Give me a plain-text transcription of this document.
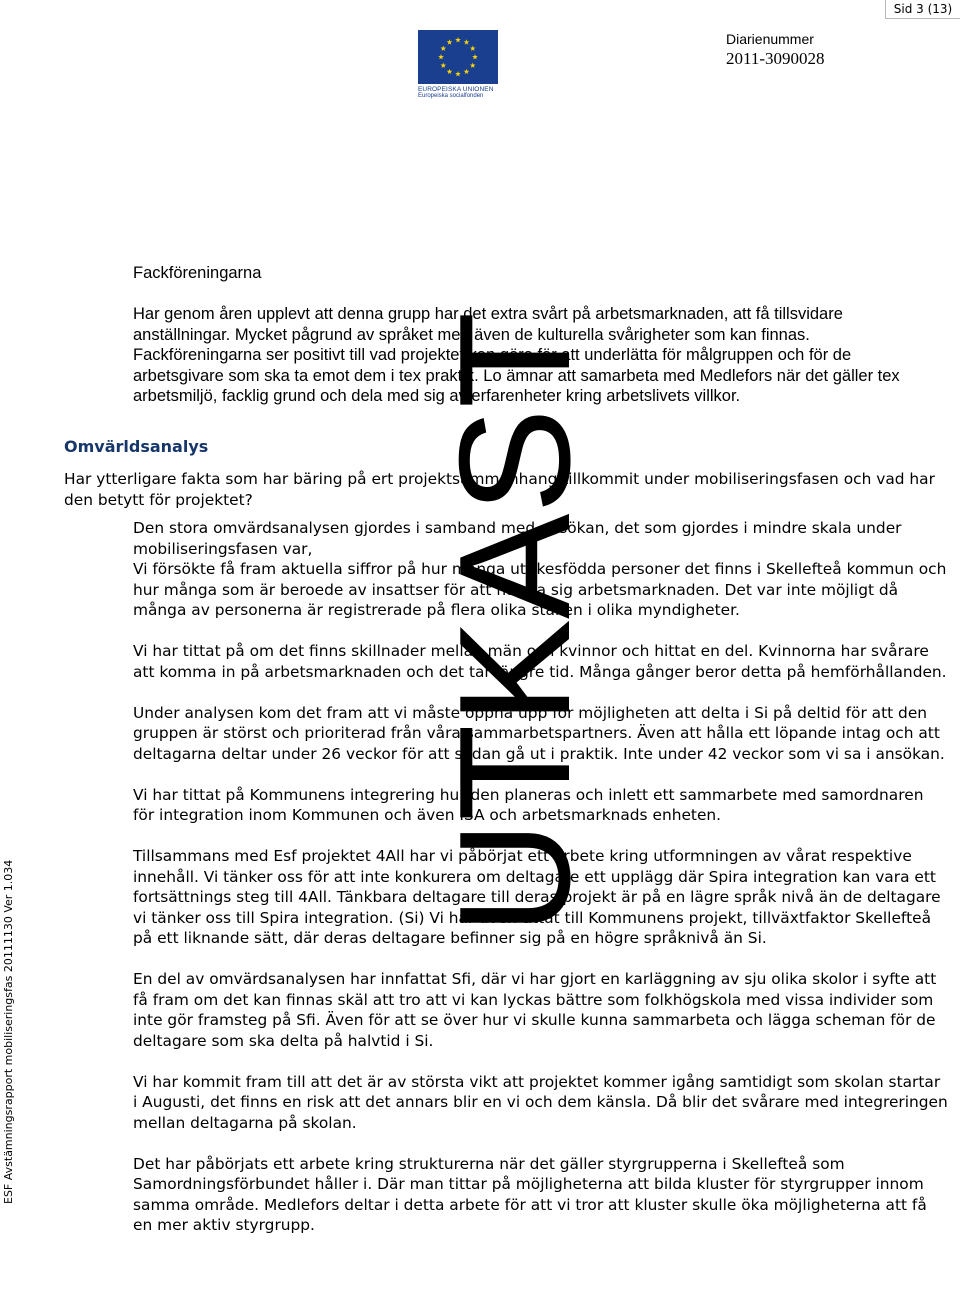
Sid 3 (13)
EUROPEISKA UNIONEN
Europeiska socialfonden
Diarienummer
2011-3090028
ESF Avstämningsrapport mobiliseringsfas 20111130 Ver 1.034
UTKAST
Fackföreningarna

Har genom åren upplevt att denna grupp har det extra svårt på arbetsmarknaden, att få tillsvidare anställningar. Mycket pågrund av språket med även de kulturella svårigheter som kan finnas. Fackföreningarna ser positivt till vad projektet kan göra för att underlätta för målgruppen och för de arbetsgivare som ska ta emot dem i tex praktik. Lo ämnar att samarbeta med Medlefors när det gäller tex arbetsmiljö, facklig grund och dela med sig av erfarenheter kring arbetslivets villkor.

Omvärldsanalys

Har ytterligare fakta som har bäring på ert projektsammanhang tillkommit under mobiliseringsfasen och vad har den betytt för projektet?

Den stora omvärdsanalysen gjordes i samband med ansökan, det som gjordes i mindre skala under mobiliseringsfasen var,
Vi försökte få fram aktuella siffror på hur många utrikesfödda personer det finns i Skellefteå kommun och hur många som är beroede av insattser för att närma sig arbetsmarknaden. Det var inte möjligt då många av personerna är registrerade på flera olika ställen i olika myndigheter.

Vi har tittat på om det finns skillnader mellan män och kvinnor och hittat en del. Kvinnorna har svårare att komma in på arbetsmarknaden och det tar längre tid. Många gånger beror detta på hemförhållanden.

Under analysen kom det fram att vi måste öppna upp för möjligheten att delta i Si på deltid för att den gruppen är störst och prioriterad från våra sammarbetspartners. Även att hålla ett löpande intag och att deltagarna deltar under 26 veckor för att sedan gå ut i praktik. Inte under 42 veckor som vi sa i ansökan.

Vi har tittat på Kommunens integrering hur den planeras och inlett ett sammarbete med samordnaren för integration inom Kommunen och även ISA och arbetsmarknads enheten.

Tillsammans med Esf projektet 4All har vi påbörjat ett arbete kring utformningen av vårat respektive innehåll. Vi tänker oss för att inte konkurera om deltagare ett upplägg där Spira integration kan vara ett fortsättnings steg till 4All. Tänkbara deltagare till deras projekt är på en lägre språk nivå än de deltagare vi tänker oss till Spira integration. (Si) Vi har även tittat till Kommunens projekt, tillväxtfaktor Skellefteå på ett liknande sätt, där deras deltagare befinner sig på en högre språknivå än Si.

En del av omvärdsanalysen har innfattat Sfi, där vi har gjort en karläggning av sju olika skolor i syfte att få fram om det kan finnas skäl att tro att vi kan lyckas bättre som folkhögskola med vissa individer som inte gör framsteg på Sfi. Även för att se över hur vi skulle kunna sammarbeta och lägga scheman för de deltagare som ska delta på halvtid i Si.

Vi har kommit fram till att det är av största vikt att projektet kommer igång samtidigt som skolan startar i Augusti, det finns en risk att det annars blir en vi och dem känsla. Då blir det svårare med integreringen mellan deltagarna på skolan.

Det har påbörjats ett arbete kring strukturerna när det gäller styrgrupperna i Skellefteå som Samordningsförbundet håller i. Där man tittar på möjligheterna att bilda kluster för styrgrupper innom samma område. Medlefors deltar i detta arbete för att vi tror att kluster skulle öka möjligheterna att få en mer aktiv styrgrupp.
